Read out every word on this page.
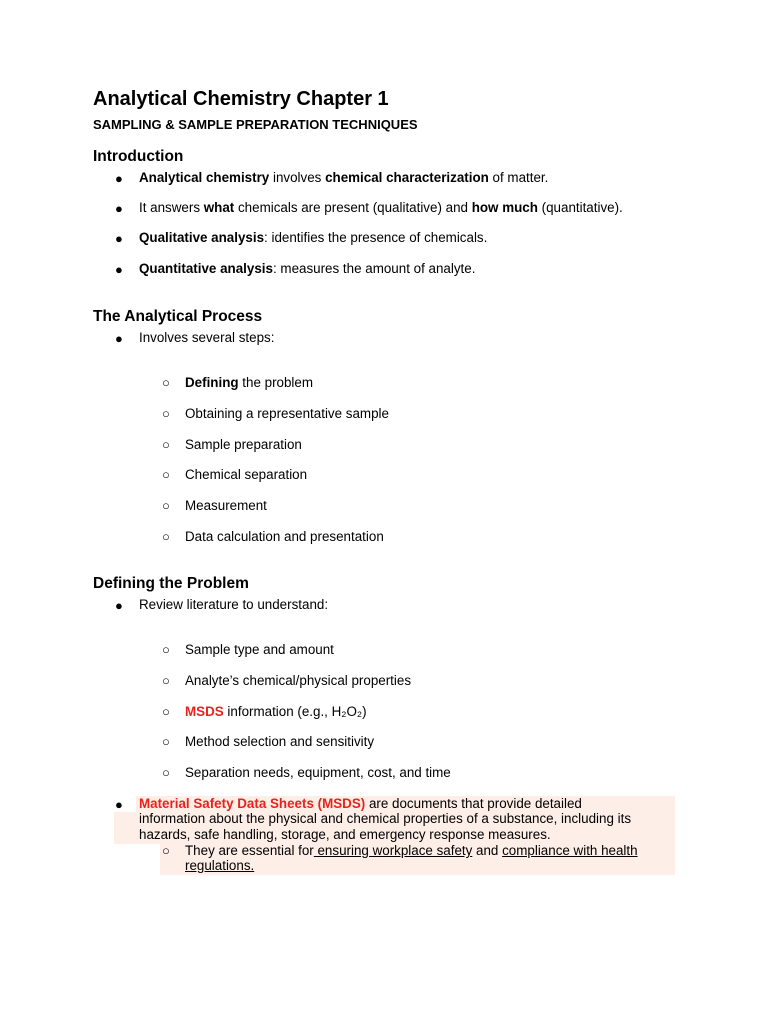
Analytical Chemistry Chapter 1
SAMPLING & SAMPLE PREPARATION TECHNIQUES
Introduction
● Analytical chemistry involves chemical characterization of matter.
● It answers what chemicals are present (qualitative) and how much (quantitative).
● Qualitative analysis: identifies the presence of chemicals.
● Quantitative analysis: measures the amount of analyte.
The Analytical Process
● Involves several steps:
○ Defining the problem
○ Obtaining a representative sample
○ Sample preparation
○ Chemical separation
○ Measurement
○ Data calculation and presentation
Defining the Problem
● Review literature to understand:
○ Sample type and amount
○ Analyte’s chemical/physical properties
○ MSDS information (e.g., H₂O₂)
○ Method selection and sensitivity
○ Separation needs, equipment, cost, and time
● Material Safety Data Sheets (MSDS) are documents that provide detailed
information about the physical and chemical properties of a substance, including its
hazards, safe handling, storage, and emergency response measures.
○ They are essential for ensuring workplace safety and compliance with health
regulations.
